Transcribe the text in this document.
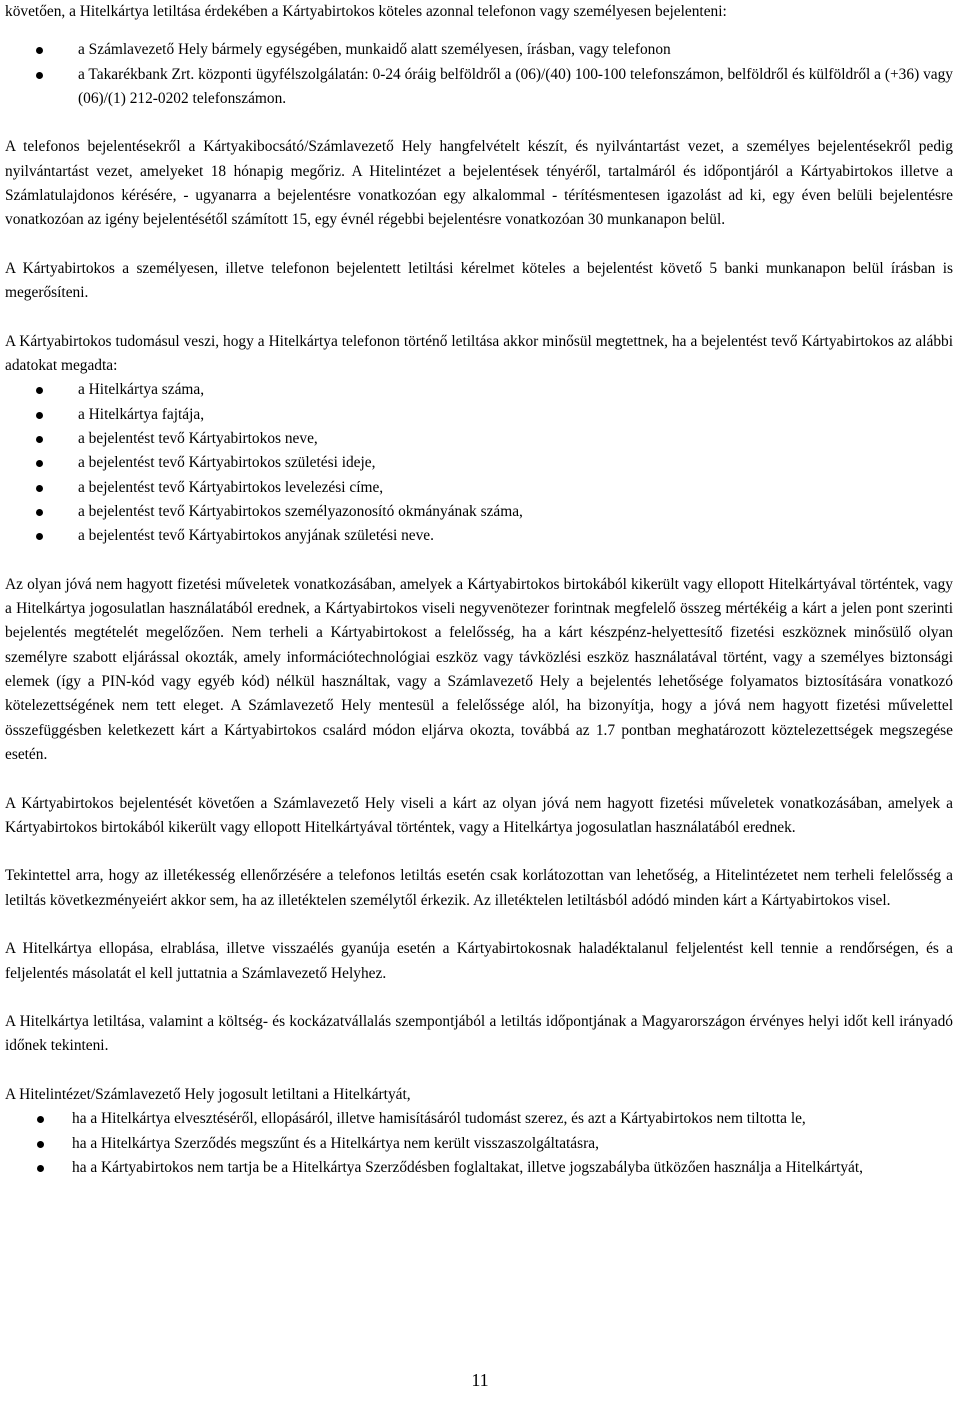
követően, a Hitelkártya letiltása érdekében a Kártyabirtokos köteles azonnal telefonon vagy személyesen bejelenteni:

a Számlavezető Hely bármely egységében, munkaidő alatt személyesen, írásban, vagy telefonon
a Takarékbank Zrt. központi ügyfélszolgálatán: 0-24 óráig belföldről a (06)/(40) 100-100 telefonszámon, belföldről és külföldről a (+36) vagy (06)/(1) 212-0202 telefonszámon.

A telefonos bejelentésekről a Kártyakibocsátó/Számlavezető Hely hangfelvételt készít, és nyilvántartást vezet, a személyes bejelentésekről pedig nyilvántartást vezet, amelyeket 18 hónapig megőriz. A Hitelintézet a bejelentések tényéről, tartalmáról és időpontjáról a Kártyabirtokos illetve a Számlatulajdonos kérésére, - ugyanarra a bejelentésre vonatkozóan egy alkalommal - térítésmentesen igazolást ad ki, egy éven belüli bejelentésre vonatkozóan az igény bejelentésétől számított 15, egy évnél régebbi bejelentésre vonatkozóan 30 munkanapon belül.

A Kártyabirtokos a személyesen, illetve telefonon bejelentett letiltási kérelmet köteles a bejelentést követő 5 banki munkanapon belül írásban is megerősíteni.

A Kártyabirtokos tudomásul veszi, hogy a Hitelkártya telefonon történő letiltása akkor minősül megtettnek, ha a bejelentést tevő Kártyabirtokos az alábbi adatokat megadta:

a Hitelkártya száma,
a Hitelkártya fajtája,
a bejelentést tevő Kártyabirtokos neve,
a bejelentést tevő Kártyabirtokos születési ideje,
a bejelentést tevő Kártyabirtokos levelezési címe,
a bejelentést tevő Kártyabirtokos személyazonosító okmányának száma,
a bejelentést tevő Kártyabirtokos anyjának születési neve.

Az olyan jóvá nem hagyott fizetési műveletek vonatkozásában, amelyek a Kártyabirtokos birtokából kikerült vagy ellopott Hitelkártyával történtek, vagy a Hitelkártya jogosulatlan használatából erednek, a Kártyabirtokos viseli negyvenötezer forintnak megfelelő összeg mértékéig a kárt a jelen pont szerinti bejelentés megtételét megelőzően. Nem terheli a Kártyabirtokost a felelősség, ha a kárt készpénz-helyettesítő fizetési eszköznek minősülő olyan személyre szabott eljárással okozták, amely információtechnológiai eszköz vagy távközlési eszköz használatával történt, vagy a személyes biztonsági elemek (így a PIN-kód vagy egyéb kód) nélkül használtak, vagy a Számlavezető Hely a bejelentés lehetősége folyamatos biztosítására vonatkozó kötelezettségének nem tett eleget. A Számlavezető Hely mentesül a felelőssége alól, ha bizonyítja, hogy a jóvá nem hagyott fizetési művelettel összefüggésben keletkezett kárt a Kártyabirtokos csalárd módon eljárva okozta, továbbá az 1.7 pontban meghatározott köztelezettségek megszegése esetén.

A Kártyabirtokos bejelentését követően a Számlavezető Hely viseli a kárt az olyan jóvá nem hagyott fizetési műveletek vonatkozásában, amelyek a Kártyabirtokos birtokából kikerült vagy ellopott Hitelkártyával történtek, vagy a Hitelkártya jogosulatlan használatából erednek.

Tekintettel arra, hogy az illetékesség ellenőrzésére a telefonos letiltás esetén csak korlátozottan van lehetőség, a Hitelintézetet nem terheli felelősség a letiltás következményeiért akkor sem, ha az illetéktelen személytől érkezik. Az illetéktelen letiltásból adódó minden kárt a Kártyabirtokos visel.

A Hitelkártya ellopása, elrablása, illetve visszaélés gyanúja esetén a Kártyabirtokosnak haladéktalanul feljelentést kell tennie a rendőrségen, és a feljelentés másolatát el kell juttatnia a Számlavezető Helyhez.

A Hitelkártya letiltása, valamint a költség- és kockázatvállalás szempontjából a letiltás időpontjának a Magyarországon érvényes helyi időt kell irányadó időnek tekinteni.

A Hitelintézet/Számlavezető Hely jogosult letiltani a Hitelkártyát,

ha a Hitelkártya elvesztéséről, ellopásáról, illetve hamisításáról tudomást szerez, és azt a Kártyabirtokos nem tiltotta le,
ha a Hitelkártya Szerződés megszűnt és a Hitelkártya nem került visszaszolgáltatásra,
ha a Kártyabirtokos nem tartja be a Hitelkártya Szerződésben foglaltakat, illetve jogszabályba ütközően használja a Hitelkártyát,
11
